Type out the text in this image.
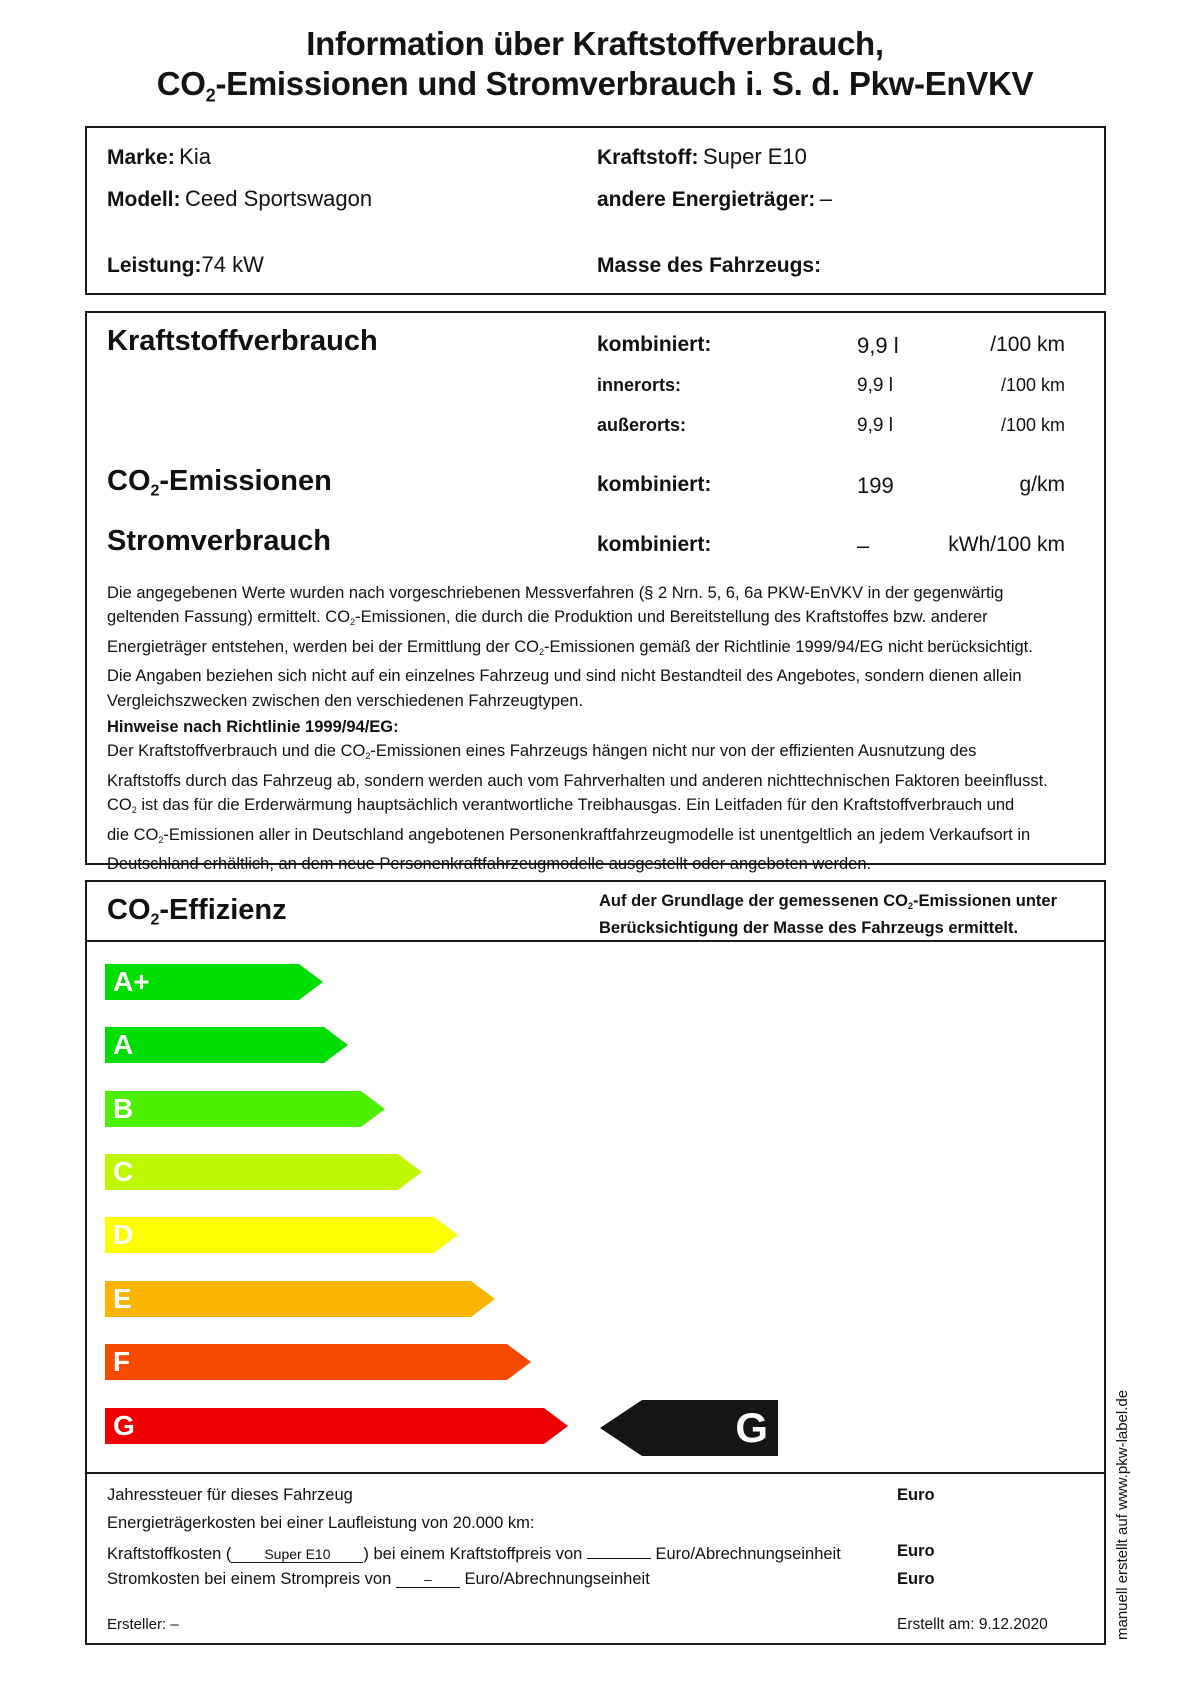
Information über Kraftstoffverbrauch,
$CO_2$-Emissionen und Stromverbrauch i. S. d. Pkw-EnVKV
Marke: Kia
Modell: Ceed Sportswagon
Leistung:74 kW
Kraftstoff: Super E10
andere Energieträger: –
Masse des Fahrzeugs:
Kraftstoffverbrauch	kombiniert:	9,9 l	/100 km
innerorts:	9,9 l	/100 km
außerorts:	9,9 l	/100 km
$CO_2$-Emissionen	kombiniert:	199	g/km
Stromverbrauch	kombiniert:	–	kWh/100 km
Die angegebenen Werte wurden nach vorgeschriebenen Messverfahren (§ 2 Nrn. 5, 6, 6a PKW-EnVKV in der gegenwärtig
geltenden Fassung) ermittelt. $CO_2$-Emissionen, die durch die Produktion und Bereitstellung des Kraftstoffes bzw. anderer
Energieträger entstehen, werden bei der Ermittlung der $CO_2$-Emissionen gemäß der Richtlinie 1999/94/EG nicht berücksichtigt.
Die Angaben beziehen sich nicht auf ein einzelnes Fahrzeug und sind nicht Bestandteil des Angebotes, sondern dienen allein
Vergleichszwecken zwischen den verschiedenen Fahrzeugtypen.
Hinweise nach Richtlinie 1999/94/EG:
Der Kraftstoffverbrauch und die $CO_2$-Emissionen eines Fahrzeugs hängen nicht nur von der effizienten Ausnutzung des
Kraftstoffs durch das Fahrzeug ab, sondern werden auch vom Fahrverhalten und anderen nichttechnischen Faktoren beeinflusst.
$CO_2$ ist das für die Erderwärmung hauptsächlich verantwortliche Treibhausgas. Ein Leitfaden für den Kraftstoffverbrauch und
die $CO_2$-Emissionen aller in Deutschland angebotenen Personenkraftfahrzeugmodelle ist unentgeltlich an jedem Verkaufsort in
Deutschland erhältlich, an dem neue Personenkraftfahrzeugmodelle ausgestellt oder angeboten werden.
$CO_2$-Effizienz	Auf der Grundlage der gemessenen $CO_2$-Emissionen unter
Berücksichtigung der Masse des Fahrzeugs ermittelt.
Jahressteuer für dieses Fahrzeug	Euro
Energieträgerkosten bei einer Laufleistung von 20.000 km:
Kraftstoffkosten ( Super E10 ) bei einem Kraftstoffpreis von	Euro/Abrechnungseinheit	Euro
Stromkosten bei einem Strompreis von – Euro/Abrechnungseinheit	Euro
Ersteller: –	Erstellt am: 9.12.2020
A+
A
B
C
D
E
F
G	G	manuell erstellt auf www.pkw-label.de
